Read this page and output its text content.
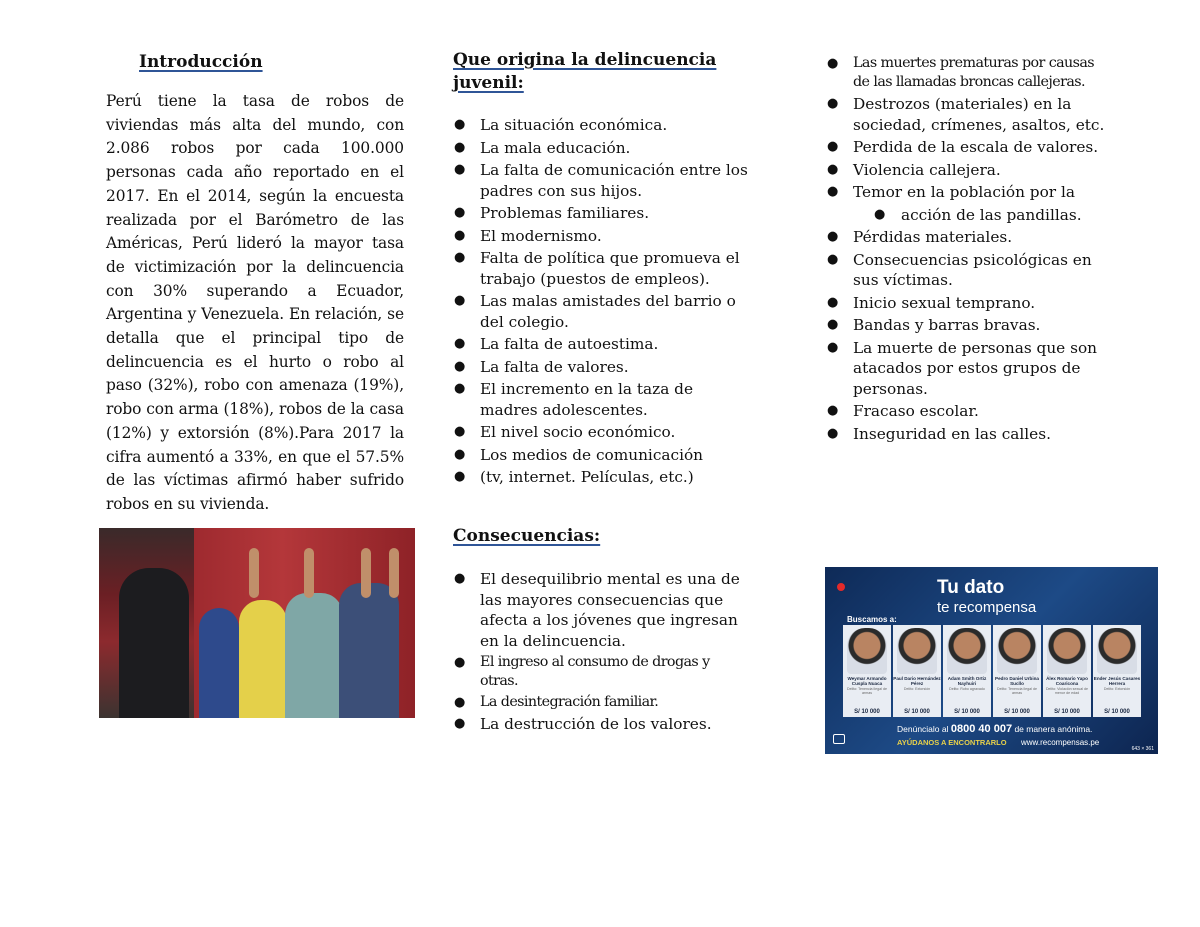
Introducción

Perú tiene la tasa de robos de viviendas más alta del mundo, con 2.086 robos por cada 100.000 personas cada año reportado en el 2017. En el 2014, según la encuesta realizada por el Barómetro de las Américas, Perú lideró la mayor tasa de victimización por la delincuencia con 30% superando a Ecuador, Argentina y Venezuela. En relación, se detalla que el principal tipo de delincuencia es el hurto o robo al paso (32%), robo con amenaza (19%), robo con arma (18%), robos de la casa (12%) y extorsión (8%).Para 2017 la cifra aumentó a 33%, en que el 57.5% de las víctimas afirmó haber sufrido robos en su vivienda.

Que origina la delincuencia juvenil:
● La situación económica.
● La mala educación.
● La falta de comunicación entre los padres con sus hijos.
● Problemas familiares.
● El modernismo.
● Falta de política que promueva el trabajo (puestos de empleos).
● Las malas amistades del barrio o del colegio.
● La falta de autoestima.
● La falta de valores.
● El incremento en la taza de madres adolescentes.
● El nivel socio económico.
● Los medios de comunicación
● (tv, internet. Películas, etc.)
Consecuencias:
● El desequilibrio mental es una de las mayores consecuencias que afecta a los jóvenes que ingresan en la delincuencia.
● El ingreso al consumo de drogas y otras.
● La desintegración familiar.
● La destrucción de los valores.
● Las muertes prematuras por causas de las llamadas broncas callejeras.
● Destrozos (materiales) en la sociedad, crímenes, asaltos, etc.
● Perdida de la escala de valores.
● Violencia callejera.
● Temor en la población por la
● acción de las pandillas.
● Pérdidas materiales.
● Consecuencias psicológicas en sus víctimas.
● Inicio sexual temprano.
● Bandas y barras bravas.
● La muerte de personas que son atacados por estos grupos de personas.
● Fracaso escolar.
● Inseguridad en las calles.

Tu dato

te recompensa

Buscamos a:
Weymar Armando Cuspla Nuaca
Delito: Tenencia ilegal de armas
S/ 10 000
Paul Dario Hernández Pérez
Delito: Extorsión
S/ 10 000
Adam Smith Ortiz Nayhuiri
Delito: Robo agravado
S/ 10 000
Pedro Daniel Urbina Sucllo
Delito: Tenencia ilegal de armas
S/ 10 000
Álex Romario Yapo Coaricona
Delito: Violación sexual de menor de edad
S/ 10 000
Ender Jesús Casares Herrera
Delito: Extorsión
S/ 10 000
Denúncialo al 0800 40 007 de manera anónima.
AYÚDANOS A ENCONTRARLO www.recompensas.pe
643 × 361
